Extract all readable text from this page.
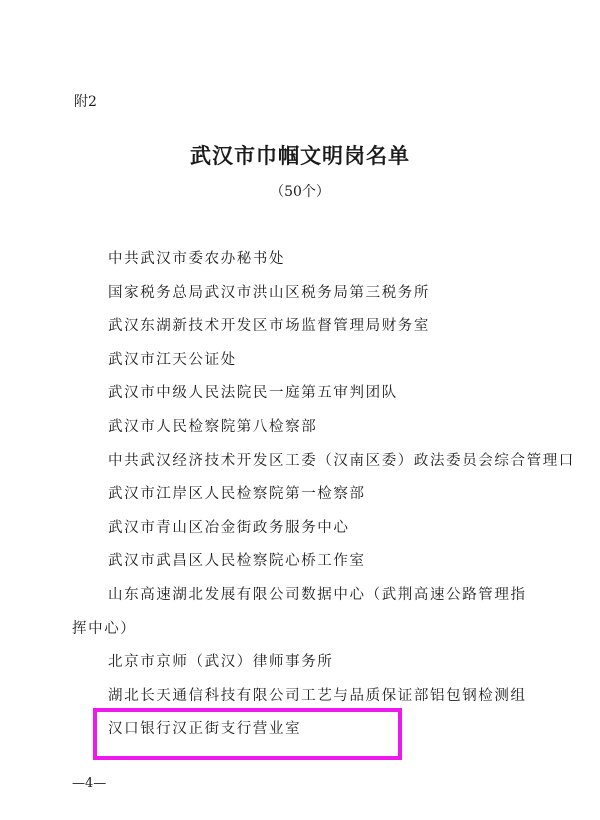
附2
武汉市巾帼文明岗名单
（50个）
中共武汉市委农办秘书处
国家税务总局武汉市洪山区税务局第三税务所
武汉东湖新技术开发区市场监督管理局财务室
武汉市江天公证处
武汉市中级人民法院民一庭第五审判团队
武汉市人民检察院第八检察部
中共武汉经济技术开发区工委（汉南区委）政法委员会综合管理口
武汉市江岸区人民检察院第一检察部
武汉市青山区冶金街政务服务中心
武汉市武昌区人民检察院心桥工作室
山东高速湖北发展有限公司数据中心（武荆高速公路管理指挥中心）
北京市京师（武汉）律师事务所
湖北长天通信科技有限公司工艺与品质保证部铝包钢检测组
汉口银行汉正街支行营业室
—4—
